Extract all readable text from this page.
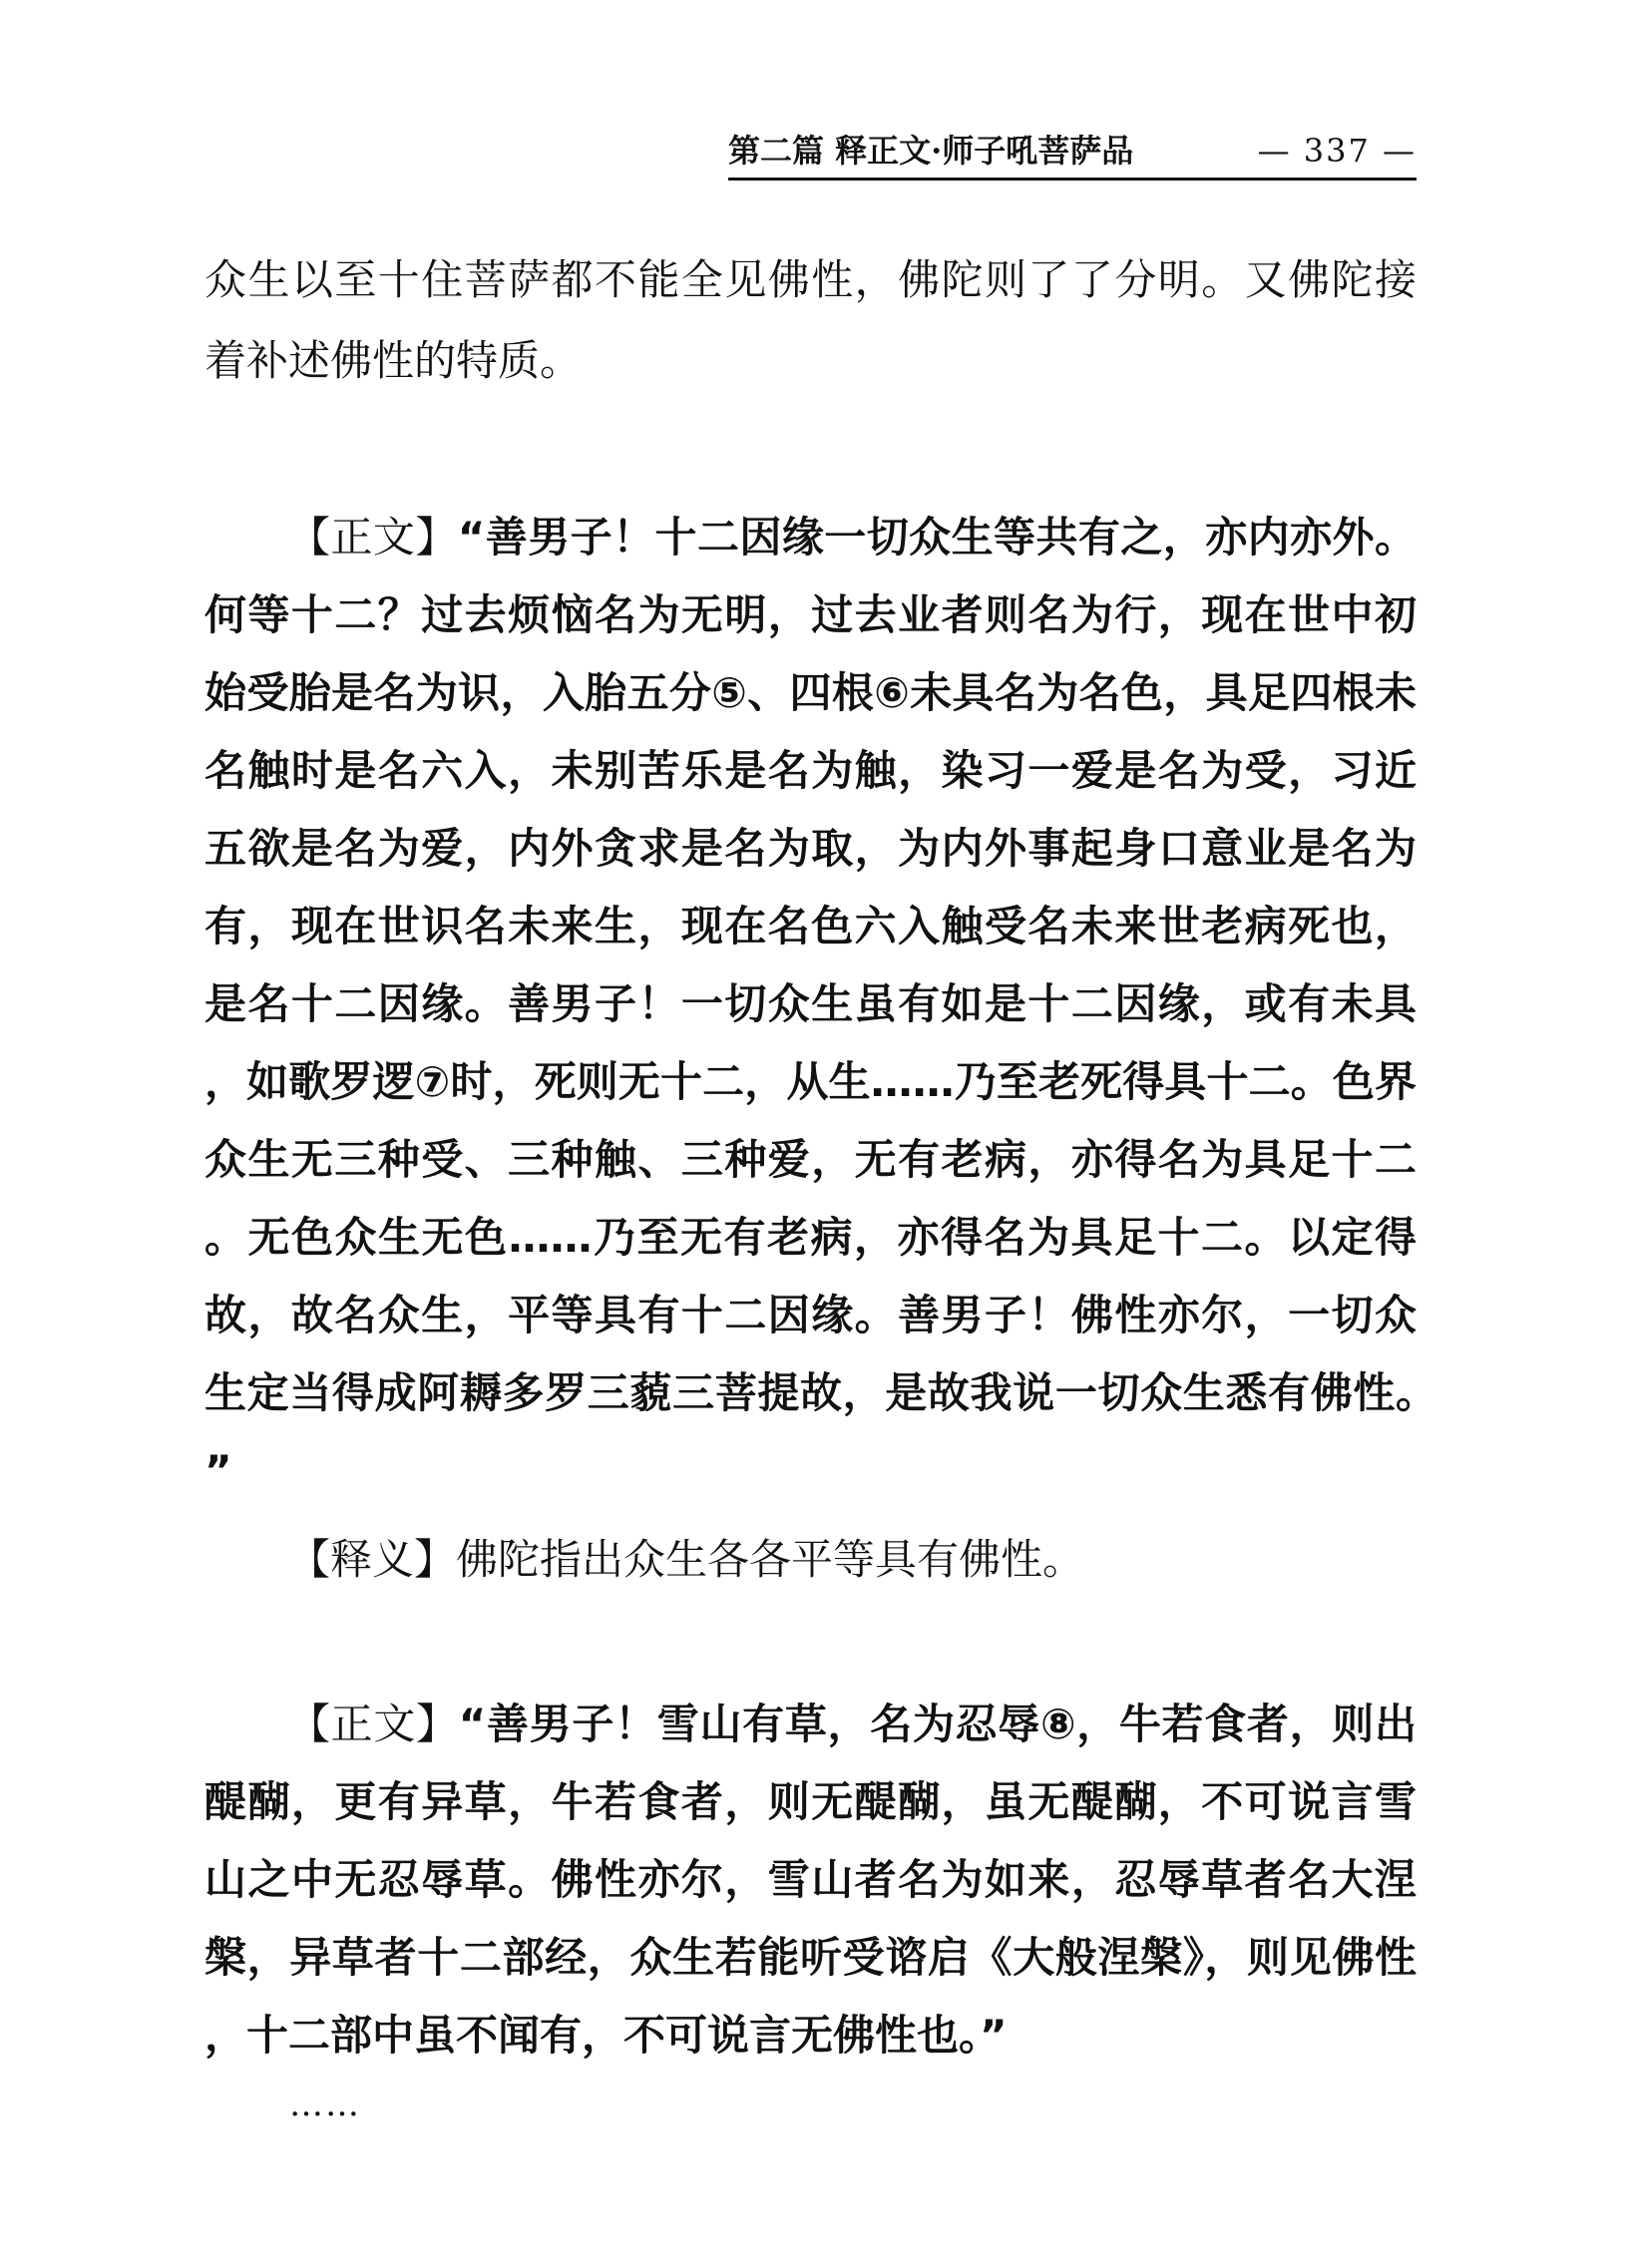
第二篇 释正文·师子吼菩萨品	— 337 —

众生以至十住菩萨都不能全见佛性，佛陀则了了分明。又佛陀接着补述佛性的特质。

【正文】“善男子！十二因缘一切众生等共有之，亦内亦外。何等十二？过去烦恼名为无明，过去业者则名为行，现在世中初始受胎是名为识，入胎五分⑤、四根⑥未具名为名色，具足四根未名触时是名六入，未别苦乐是名为触，染习一爱是名为受，习近五欲是名为爱，内外贪求是名为取，为内外事起身口意业是名为有，现在世识名未来生，现在名色六入触受名未来世老病死也，是名十二因缘。善男子！一切众生虽有如是十二因缘，或有未具，如歌罗逻⑦时，死则无十二，从生……乃至老死得具十二。色界众生无三种受、三种触、三种爱，无有老病，亦得名为具足十二。无色众生无色……乃至无有老病，亦得名为具足十二。以定得故，故名众生，平等具有十二因缘。善男子！佛性亦尔，一切众生定当得成阿耨多罗三藐三菩提故，是故我说一切众生悉有佛性。”

【释义】佛陀指出众生各各平等具有佛性。

【正文】“善男子！雪山有草，名为忍辱⑧，牛若食者，则出醍醐，更有异草，牛若食者，则无醍醐，虽无醍醐，不可说言雪山之中无忍辱草。佛性亦尔，雪山者名为如来，忍辱草者名大涅槃，异草者十二部经，众生若能听受谘启《大般涅槃》，则见佛性，十二部中虽不闻有，不可说言无佛性也。”

……
